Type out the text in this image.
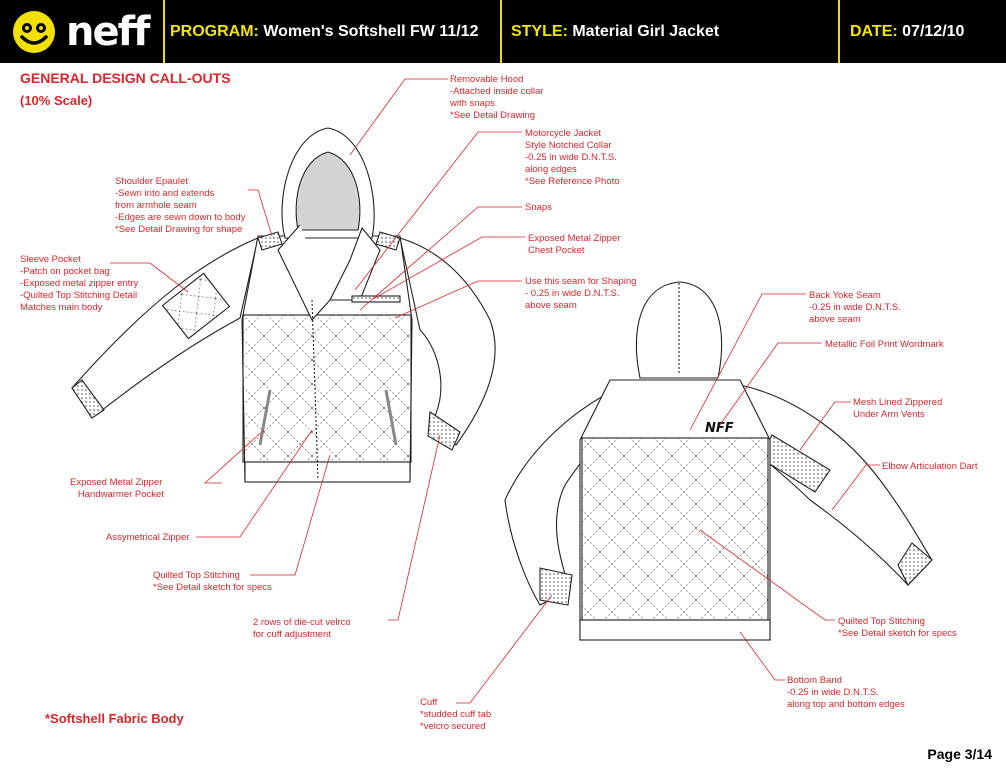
neff PROGRAM: Women's Softshell FW 11/12 STYLE: Material Girl Jacket	DATE: 07/12/10
GENERAL DESIGN CALL-OUTS
(10% Scale)
NFF
Removable Hood
-Attached inside collar
with snaps
*See Detail Drawing
Motorcycle Jacket
Style Notched Collar
-0.25 in wide D.N.T.S.
along edges
*See Reference Photo
Snaps
Exposed Metal Zipper
Chest Pocket
Use this seam for Shaping
- 0.25 in wide D.N.T.S.
above seam
Shoulder Epaulet
-Sewn into and extends
from armhole seam
-Edges are sewn down to body
*See Detail Drawing for shape
Sleeve Pocket
-Patch on pocket bag
-Exposed metal zipper entry
-Quilted Top Stitching Detail
Matches main body
Exposed Metal Zipper
Handwarmer Pocket
Assymetrical Zipper
Quilted Top Stitching
*See Detail sketch for specs
2 rows of die-cut velrco
for cuff adjustment
Cuff
*studded cuff tab
*velcro secured
Back Yoke Seam
-0.25 in wide D.N.T.S.
above seam
Metallic Foil Print Wordmark
Mesh Lined Zippered
Under Arm Vents
Elbow Articulation Dart
Quilted Top Stitching
*See Detail sketch for specs
Bottom Band
-0.25 in wide D.N.T.S.
along top and bottom edges
*Softshell Fabric Body
Page 3/14
